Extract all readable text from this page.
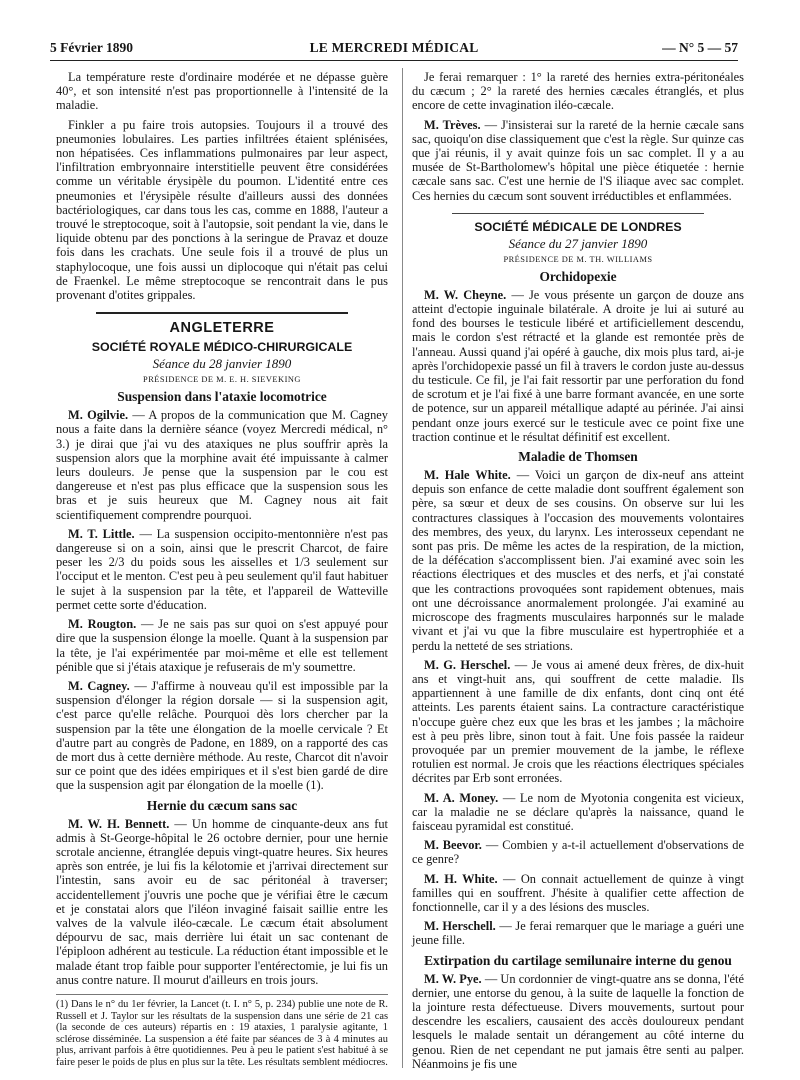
5 Février 1890	LE MERCREDI MÉDICAL	— N° 5 — 57

La température reste d'ordinaire modérée et ne dépasse guère 40°, et son intensité n'est pas proportionnelle à l'intensité de la maladie.

Finkler a pu faire trois autopsies. Toujours il a trouvé des pneumonies lobulaires. Les parties infiltrées étaient splénisées, non hépatisées. Ces inflammations pulmonaires par leur aspect, l'infiltration embryonnaire interstitielle peuvent être considérées comme un véritable érysipèle du poumon. L'identité entre ces pneumonies et l'érysipèle résulte d'ailleurs aussi des données bactériologiques, car dans tous les cas, comme en 1888, l'auteur a trouvé le streptocoque, soit à l'autopsie, soit pendant la vie, dans le liquide obtenu par des ponctions à la seringue de Pravaz et douze fois dans les crachats. Une seule fois il a trouvé de plus un staphylocoque, une fois aussi un diplocoque qui n'était pas celui de Fraenkel. Le même streptocoque se rencontrait dans le pus provenant d'otites grippales.

ANGLETERRE
SOCIÉTÉ ROYALE MÉDICO-CHIRURGICALE
Séance du 28 janvier 1890
PRÉSIDENCE DE M. E. H. SIEVEKING
Suspension dans l'ataxie locomotrice

M. Ogilvie. — A propos de la communication que M. Cagney nous a faite dans la dernière séance (voyez Mercredi médical, n° 3.) je dirai que j'ai vu des ataxiques ne plus souffrir après la suspension alors que la morphine avait été impuissante à calmer leurs douleurs. Je pense que la suspension par le cou est dangereuse et n'est pas plus efficace que la suspension sous les bras et je suis heureux que M. Cagney nous ait fait scientifiquement comprendre pourquoi.

M. T. Little. — La suspension occipito-mentonnière n'est pas dangereuse si on a soin, ainsi que le prescrit Charcot, de faire peser les 2/3 du poids sous les aisselles et 1/3 seulement sur l'occiput et le menton. C'est peu à peu seulement qu'il faut habituer le sujet à la suspension par la tête, et l'appareil de Watteville permet cette sorte d'éducation.

M. Rougton. — Je ne sais pas sur quoi on s'est appuyé pour dire que la suspension élonge la moelle. Quant à la suspension par la tête, je l'ai expérimentée par moi-même et elle est tellement pénible que si j'étais ataxique je refuserais de m'y soumettre.

M. Cagney. — J'affirme à nouveau qu'il est impossible par la suspension d'élonger la région dorsale — si la suspension agit, c'est parce qu'elle relâche. Pourquoi dès lors chercher par la suspension par la tête une élongation de la moelle cervicale ? Et d'autre part au congrès de Padone, en 1889, on a rapporté des cas de mort dus à cette dernière méthode. Au reste, Charcot dit n'avoir sur ce point que des idées empiriques et il s'est bien gardé de dire que la suspension agit par élongation de la moelle (1).

Hernie du cæcum sans sac

M. W. H. Bennett. — Un homme de cinquante-deux ans fut admis à St-George-hôpital le 26 octobre dernier, pour une hernie scrotale ancienne, étranglée depuis vingt-quatre heures. Six heures après son entrée, je lui fis la kélotomie et j'arrivai directement sur l'intestin, sans avoir eu de sac péritonéal à traverser; accidentellement j'ouvris une poche que je vérifiai être le cæcum et je constatai alors que l'iléon invaginé faisait saillie entre les valves de la valvule iléo-cæcale. Le cæcum était absolument dépourvu de sac, mais derrière lui était un sac contenant de l'épiploon adhérent au testicule. La réduction étant impossible et le malade étant trop faible pour supporter l'entérectomie, je lui fis un anus contre nature. Il mourut d'ailleurs en trois jours.

(1) Dans le n° du 1er février, la Lancet (t. I. n° 5, p. 234) publie une note de R. Russell et J. Taylor sur les résultats de la suspension dans une série de 21 cas (la seconde de ces auteurs) répartis en : 19 ataxies, 1 paralysie agitante, 1 sclérose disséminée. La suspension a été faite par séances de 3 à 4 minutes au plus, arrivant parfois à être quotidiennes. Peu à peu le patient s'est habitué à se faire peser le poids de plus en plus sur la tête. Les résultats semblent médiocres.

Je ferai remarquer : 1° la rareté des hernies extra-péritonéales du cæcum ; 2° la rareté des hernies cæcales étranglés, et plus encore de cette invagination iléo-cæcale.

M. Trèves. — J'insisterai sur la rareté de la hernie cæcale sans sac, quoiqu'on dise classiquement que c'est la règle. Sur quinze cas que j'ai réunis, il y avait quinze fois un sac complet. Il y a au musée de St-Bartholomew's hôpital une pièce étiquetée : hernie cæcale sans sac. C'est une hernie de l'S iliaque avec sac complet. Ces hernies du cæcum sont souvent irréductibles et enflammées.

SOCIÉTÉ MÉDICALE DE LONDRES
Séance du 27 janvier 1890
PRÉSIDENCE DE M. TH. WILLIAMS
Orchidopexie

M. W. Cheyne. — Je vous présente un garçon de douze ans atteint d'ectopie inguinale bilatérale. A droite je lui ai suturé au fond des bourses le testicule libéré et artificiellement descendu, mais le cordon s'est rétracté et la glande est remontée près de l'anneau. Aussi quand j'ai opéré à gauche, dix mois plus tard, ai-je après l'orchidopexie passé un fil à travers le cordon juste au-dessus du testicule. Ce fil, je l'ai fait ressortir par une perforation du fond de scrotum et je l'ai fixé à une barre formant avancée, en une sorte de potence, sur un appareil métallique adapté au périnée. J'ai ainsi pendant onze jours exercé sur le testicule avec ce point fixe une traction continue et le résultat définitif est excellent.

Maladie de Thomsen

M. Hale White. — Voici un garçon de dix-neuf ans atteint depuis son enfance de cette maladie dont souffrent également son père, sa sœur et deux de ses cousins. On observe sur lui les contractures classiques à l'occasion des mouvements volontaires des membres, des yeux, du larynx. Les interosseux cependant ne sont pas pris. De même les actes de la respiration, de la miction, de la défécation s'accomplissent bien. J'ai examiné avec soin les réactions électriques et des muscles et des nerfs, et j'ai constaté que les contractions provoquées sont rapidement obtenues, mais ont une décroissance anormalement prolongée. J'ai examiné au microscope des fragments musculaires harponnés sur le malade vivant et j'ai vu que la fibre musculaire est hypertrophiée et a perdu la netteté de ses striations.

M. G. Herschel. — Je vous ai amené deux frères, de dix-huit ans et vingt-huit ans, qui souffrent de cette maladie. Ils appartiennent à une famille de dix enfants, dont cinq ont été atteints. Les parents étaient sains. La contracture caractéristique n'occupe guère chez eux que les bras et les jambes ; la mâchoire est à peu près libre, sinon tout à fait. Une fois passée la raideur provoquée par un premier mouvement de la jambe, le réflexe rotulien est normal. Je crois que les réactions électriques spéciales décrites par Erb sont erronées.

M. A. Money. — Le nom de Myotonia congenita est vicieux, car la maladie ne se déclare qu'après la naissance, quand le faisceau pyramidal est constitué.

M. Beevor. — Combien y a-t-il actuellement d'observations de ce genre?

M. H. White. — On connait actuellement de quinze à vingt familles qui en souffrent. J'hésite à qualifier cette affection de fonctionnelle, car il y a des lésions des muscles.

M. Herschell. — Je ferai remarquer que le mariage a guéri une jeune fille.

Extirpation du cartilage semilunaire interne du genou

M. W. Pye. — Un cordonnier de vingt-quatre ans se donna, l'été dernier, une entorse du genou, à la suite de laquelle la fonction de la jointure resta défectueuse. Divers mouvements, surtout pour descendre les escaliers, causaient des accès douloureux pendant lesquels le malade sentait un dérangement au côté interne du genou. Rien de net cependant ne put jamais être senti au palper. Néanmoins je fis une
